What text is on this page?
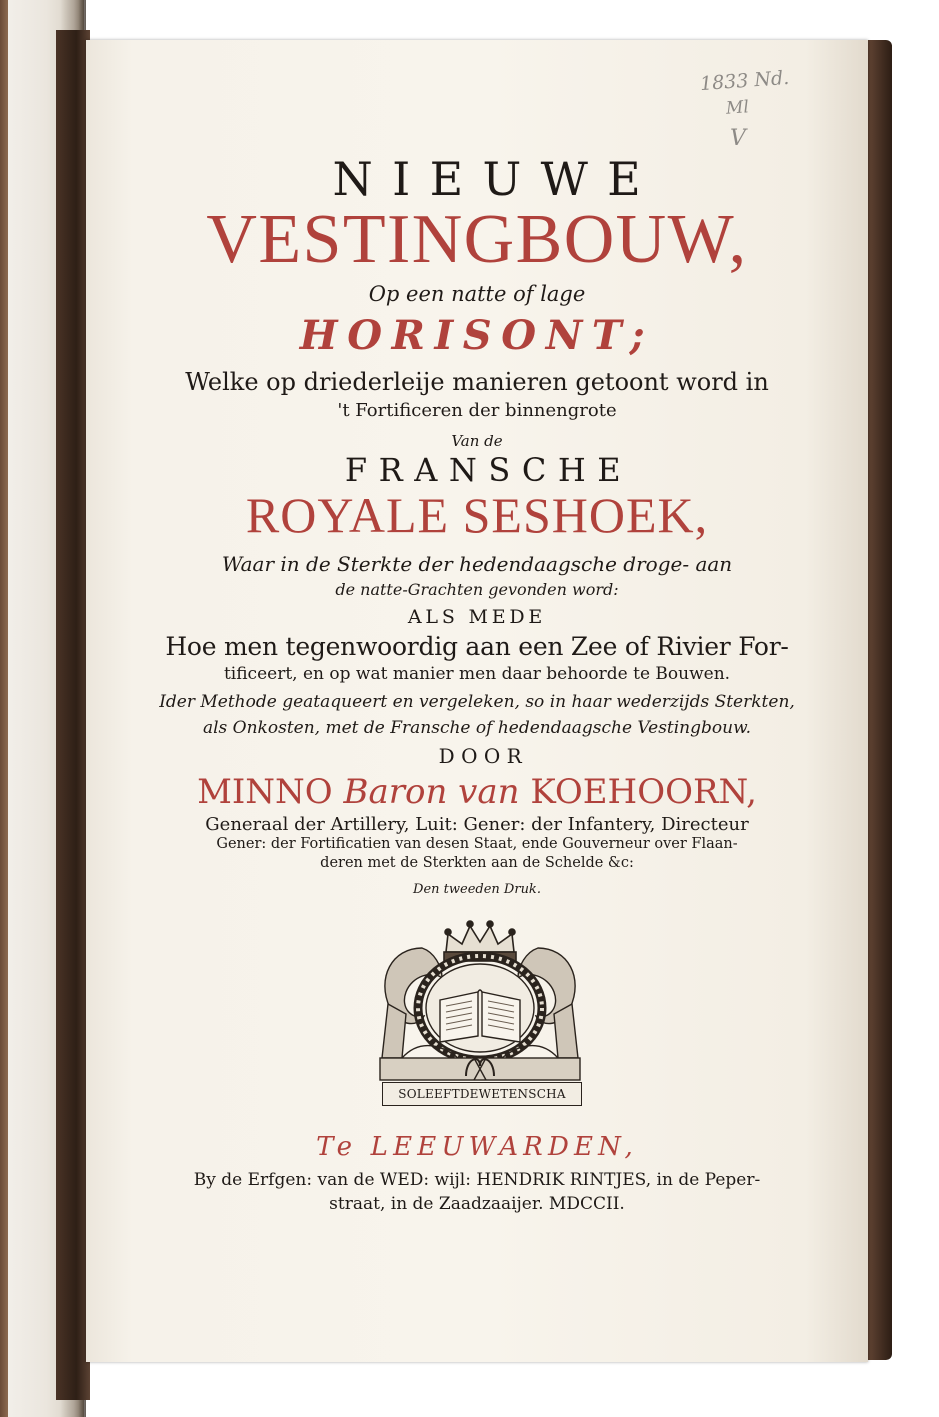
1833 Nd.
Ml
V
NIEUWE
VESTINGBOUW,
Op een natte of lage
HORISONT;
Welke op driederleije manieren getoont word in
't Fortificeren der binnengrote
Van de
FRANSCHE
ROYALE SESHOEK,
Waar in de Sterkte der hedendaagsche droge- aan
de natte-Grachten gevonden word:
ALS MEDE
Hoe men tegenwoordig aan een Zee of Rivier For-
tificeert, en op wat manier men daar behoorde te Bouwen.
Ider Methode geataqueert en vergeleken, so in haar wederzijds Sterkten,
als Onkosten, met de Fransche of hedendaagsche Vestingbouw.
DOOR
MINNO Baron van KOEHOORN,
Generaal der Artillery, Luit: Gener: der Infantery, Directeur
Gener: der Fortificatien van desen Staat, ende Gouverneur over Flaan-
deren met de Sterkten aan de Schelde &c:
Den tweeden Druk.
SOLEEFTDEWETENSCHA
Te LEEUWARDEN,
By de Erfgen: van de WED: wijl: HENDRIK RINTJES, in de Peper-
straat, in de Zaadzaaijer. MDCCII.
